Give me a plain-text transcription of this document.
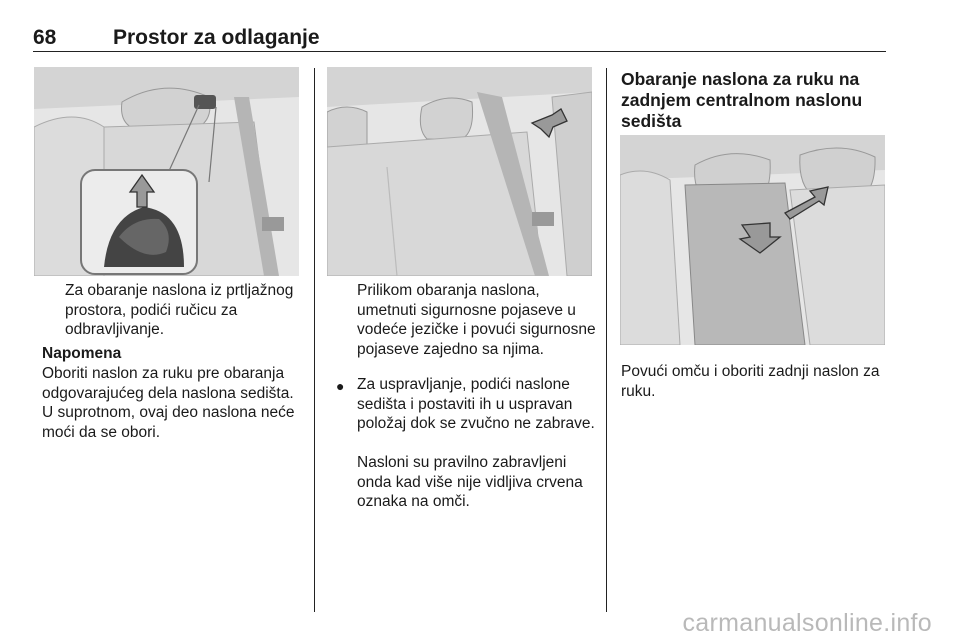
68	Prostor za odlaganje
Za obaranje naslona iz prtljažnog prostora, podići ručicu za odbravljivanje.
Napomena
Oboriti naslon za ruku pre obaranja odgovarajućeg dela naslona sedišta. U suprotnom, ovaj deo naslona neće moći da se obori.
Prilikom obaranja naslona, umetnuti sigurnosne pojaseve u vodeće jezičke i povući sigurnosne pojaseve zajedno sa njima.
● Za uspravljanje, podići naslone sedišta i postaviti ih u uspravan položaj dok se zvučno ne zabrave.
Nasloni su pravilno zabravljeni onda kad više nije vidljiva crvena oznaka na omči.
Obaranje naslona za ruku na zadnjem centralnom naslonu sedišta
Povući omču i oboriti zadnji naslon za ruku.
carmanualsonline.info
